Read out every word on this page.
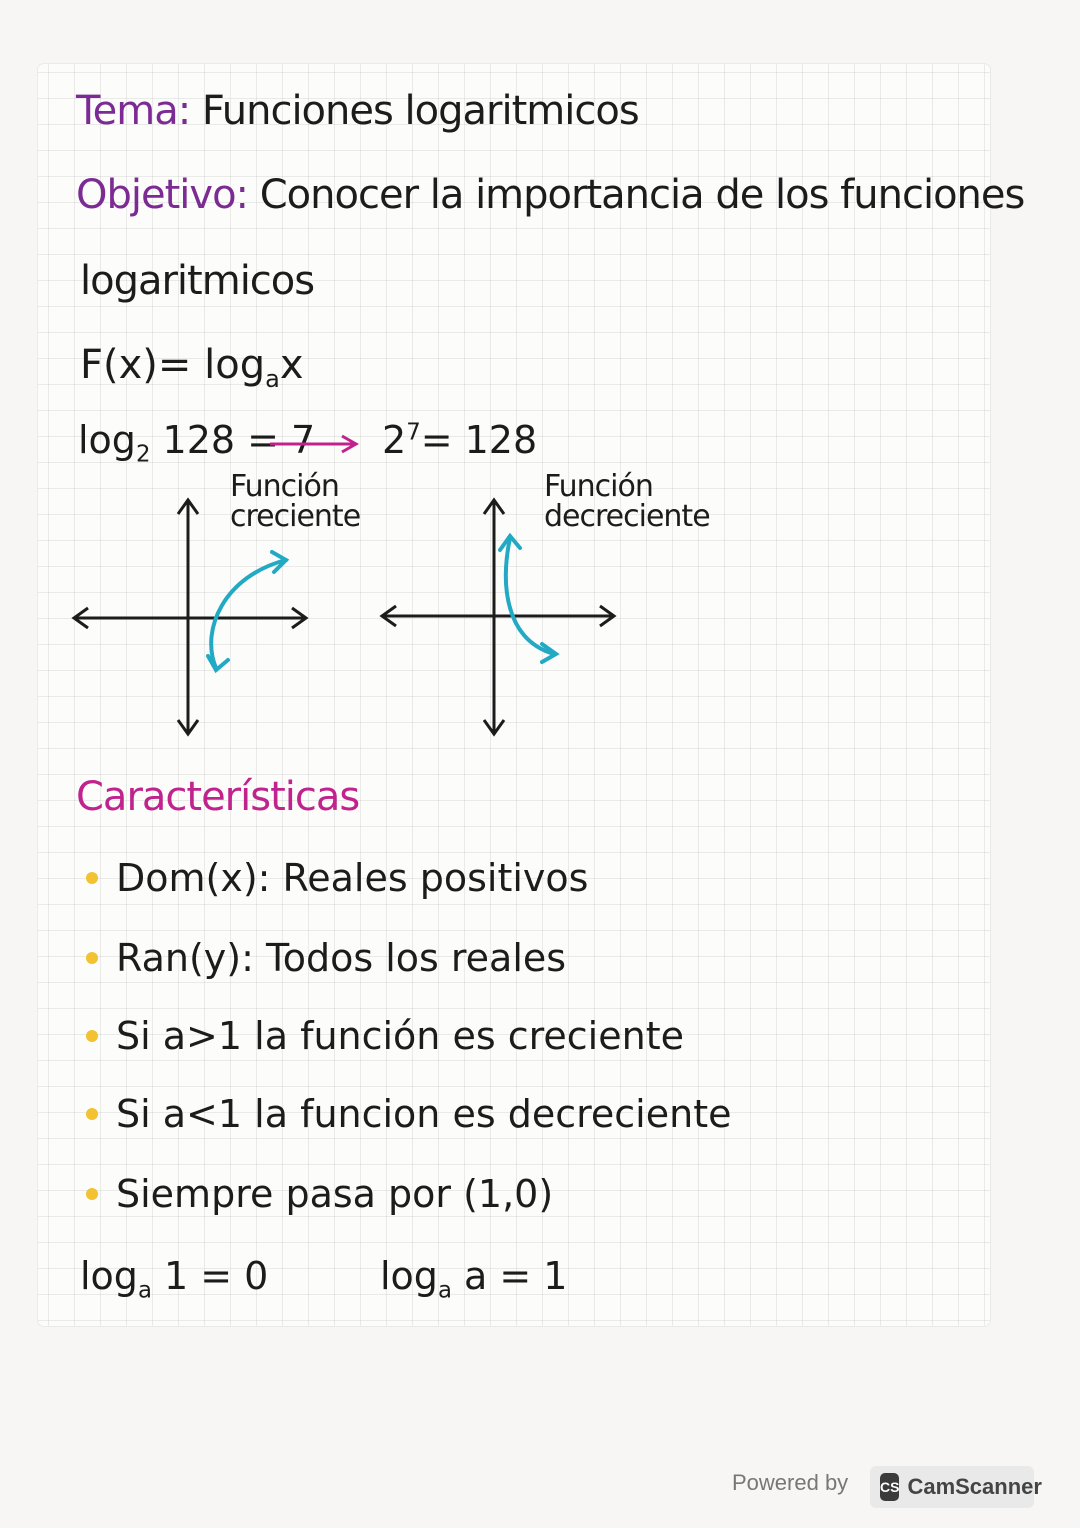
Tema: Funciones logaritmicos
Objetivo: Conocer la importancia de los funciones
logaritmicos
$F(x)= \log_ax$
$\log_2 128 = 7$ $2^7= 128$
Función
creciente
Función
decreciente
Características
Dom(x): Reales positivos
Ran(y): Todos los reales
Si a>1 la función es creciente
Si a<1 la funcion es decreciente
Siempre pasa por (1,0)
$\log_a 1 = 0$	$\log_a a = 1$
Powered by CS CamScanner
